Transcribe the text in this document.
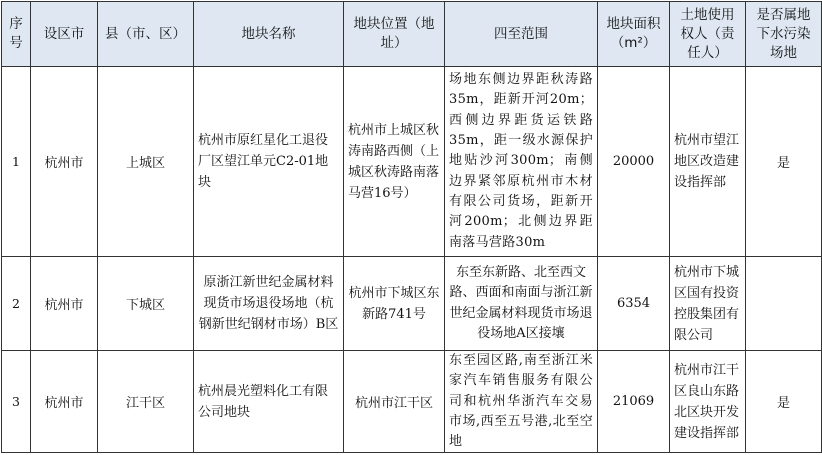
序号	设区市	县（市、区）	地块名称	地块位置（地址）	四至范围	地块面积（m²）	土地使用权人（责任人）	是否属地下水污染场地
1	杭州市	上城区	杭州市原红星化工退役厂区望江单元C2-01地块	杭州市上城区秋涛南路西侧（上城区秋涛路南落马营16号）	场地东侧边界距秋涛路35m，距新开河20m；西侧边界距货运铁路35m，距一级水源保护地贴沙河300m；南侧边界紧邻原杭州市木材有限公司货场，距新开河200m；北侧边界距南落马营路30m	20000	杭州市望江地区改造建设指挥部	是
2	杭州市	下城区	原浙江新世纪金属材料现货市场退役场地（杭钢新世纪钢材市场）B区	杭州市下城区东新路741号	东至东新路、北至西文路、西面和南面与浙江新世纪金属材料现货市场退役场地A区接壤	6354	杭州市下城区国有投资控股集团有限公司	
3	杭州市	江干区	杭州晨光塑料化工有限公司地块	杭州市江干区	东至园区路,南至浙江米家汽车销售服务有限公司和杭州华浙汽车交易市场,西至五号港,北至空地	21069	杭州市江干区良山东路北区块开发建设指挥部	是
